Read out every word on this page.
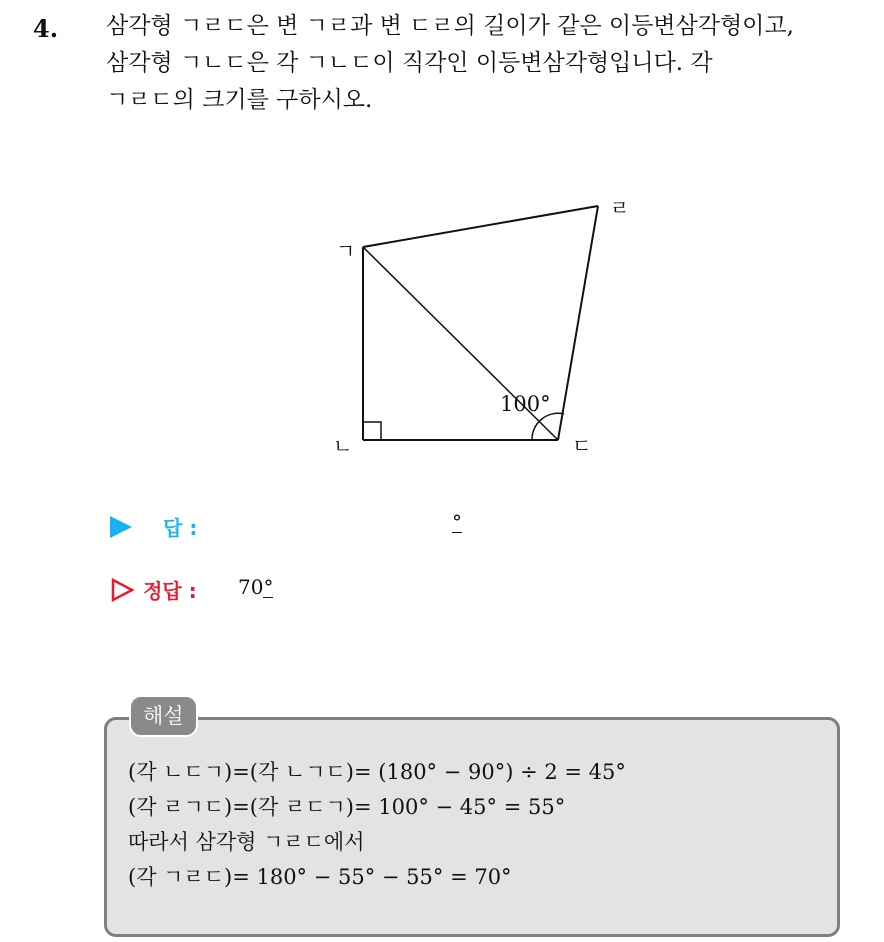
4. 삼각형 ㄱㄹㄷ은 변 ㄱㄹ과 변 ㄷㄹ의 길이가 같은 이등변삼각형이고,
삼각형 ㄱㄴㄷ은 각 ㄱㄴㄷ이 직각인 이등변삼각형입니다. 각
ㄱㄹㄷ의 크기를 구하시오.
ㄱ
ㄴ	ㄷ
ㄹ
100°
답 :	°
정답 : 70°
해설
(각 ㄴㄷㄱ)=(각 ㄴㄱㄷ)= (180° − 90°) ÷ 2 = 45°
(각 ㄹㄱㄷ)=(각 ㄹㄷㄱ)= 100° − 45° = 55°
따라서 삼각형 ㄱㄹㄷ에서
(각 ㄱㄹㄷ)= 180° − 55° − 55° = 70°
